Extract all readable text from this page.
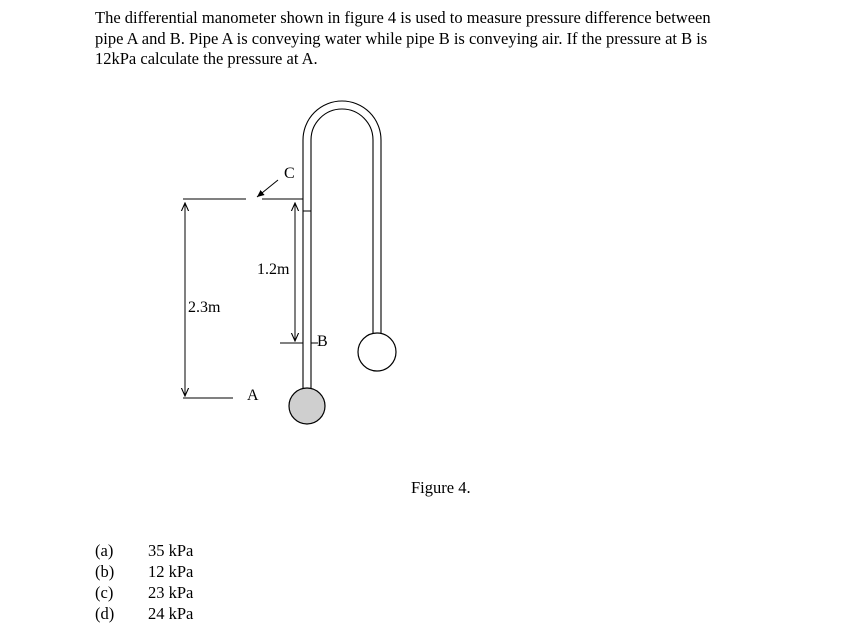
The differential manometer shown in figure 4 is used to measure pressure difference between
pipe A and B. Pipe A is conveying water while pipe B is conveying air. If the pressure at B is
12kPa calculate the pressure at A.
C
1.2m
B
2.3m
A

Figure 4.

(a)	35 kPa
(b)	12 kPa
(c)	23 kPa
(d)	24 kPa
